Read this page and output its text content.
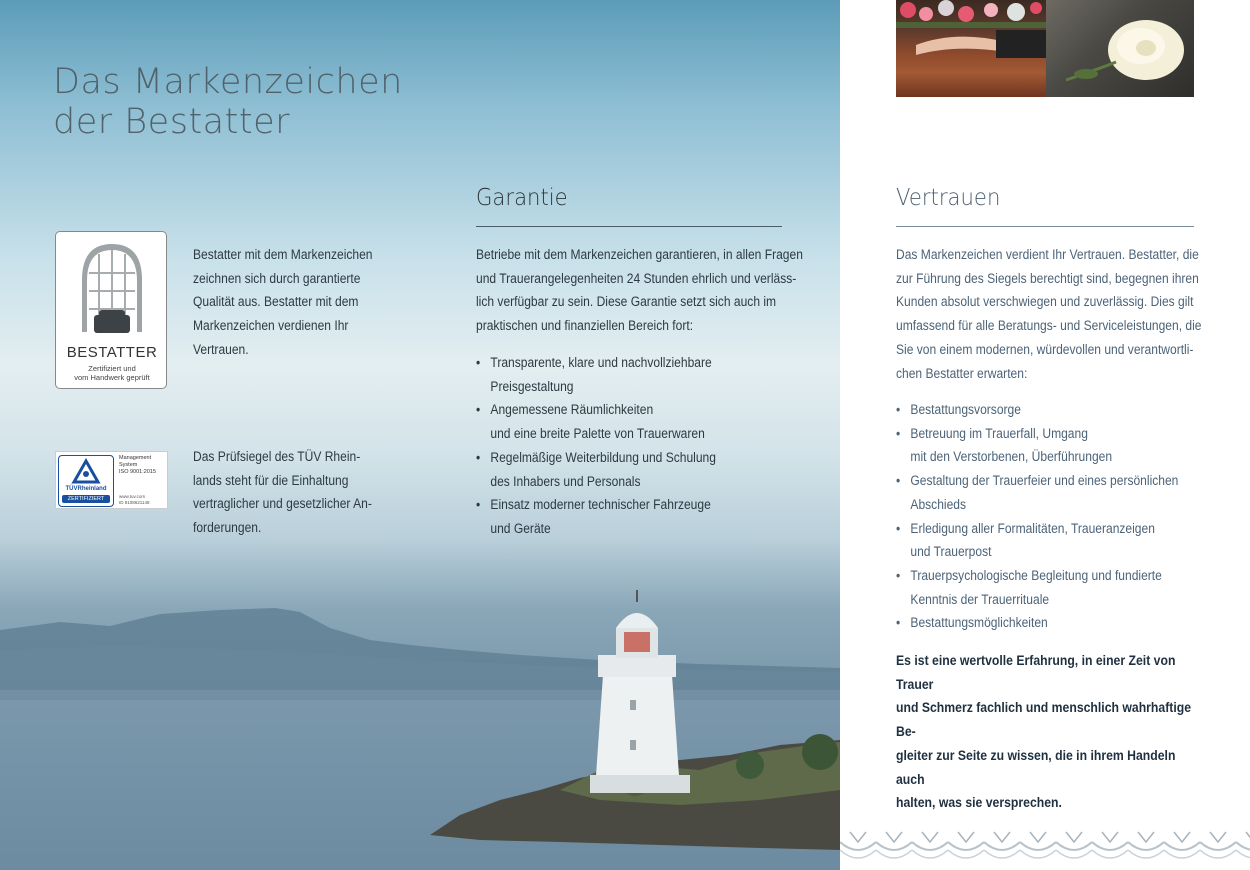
Das Markenzeichen
der Bestatter
BESTATTER
Zertifiziert und
vom Handwerk geprüft
Bestatter mit dem Markenzeichen
zeichnen sich durch garantierte
Qualität aus. Bestatter mit dem
Markenzeichen verdienen Ihr
Vertrauen.
TÜVRheinland
ZERTIFIZIERT
Management
System
ISO 9001:2015
www.tuv.com
ID 9108621148
Das Prüfsiegel des TÜV Rhein-
lands steht für die Einhaltung
vertraglicher und gesetzlicher An-
forderungen.
Garantie
Betriebe mit dem Markenzeichen garantieren, in allen Fragen
und Trauerangelegenheiten 24 Stunden ehrlich und verläss-
lich verfügbar zu sein. Diese Garantie setzt sich auch im
praktischen und finanziellen Bereich fort:
• Transparente, klare und nachvollziehbare
Preisgestaltung
• Angemessene Räumlichkeiten
und eine breite Palette von Trauerwaren
• Regelmäßige Weiterbildung und Schulung
des Inhabers und Personals
• Einsatz moderner technischer Fahrzeuge
und Geräte
Vertrauen
Das Markenzeichen verdient Ihr Vertrauen. Bestatter, die
zur Führung des Siegels berechtigt sind, begegnen ihren
Kunden absolut verschwiegen und zuverlässig. Dies gilt
umfassend für alle Beratungs- und Serviceleistungen, die
Sie von einem modernen, würdevollen und verantwortli-
chen Bestatter erwarten:
• Bestattungsvorsorge
• Betreuung im Trauerfall, Umgang
mit den Verstorbenen, Überführungen
• Gestaltung der Trauerfeier und eines persönlichen
Abschieds
• Erledigung aller Formalitäten, Traueranzeigen
und Trauerpost
• Trauerpsychologische Begleitung und fundierte
Kenntnis der Trauerrituale
• Bestattungsmöglichkeiten
Es ist eine wertvolle Erfahrung, in einer Zeit von Trauer
und Schmerz fachlich und menschlich wahrhaftige Be-
gleiter zur Seite zu wissen, die in ihrem Handeln auch
halten, was sie versprechen.
